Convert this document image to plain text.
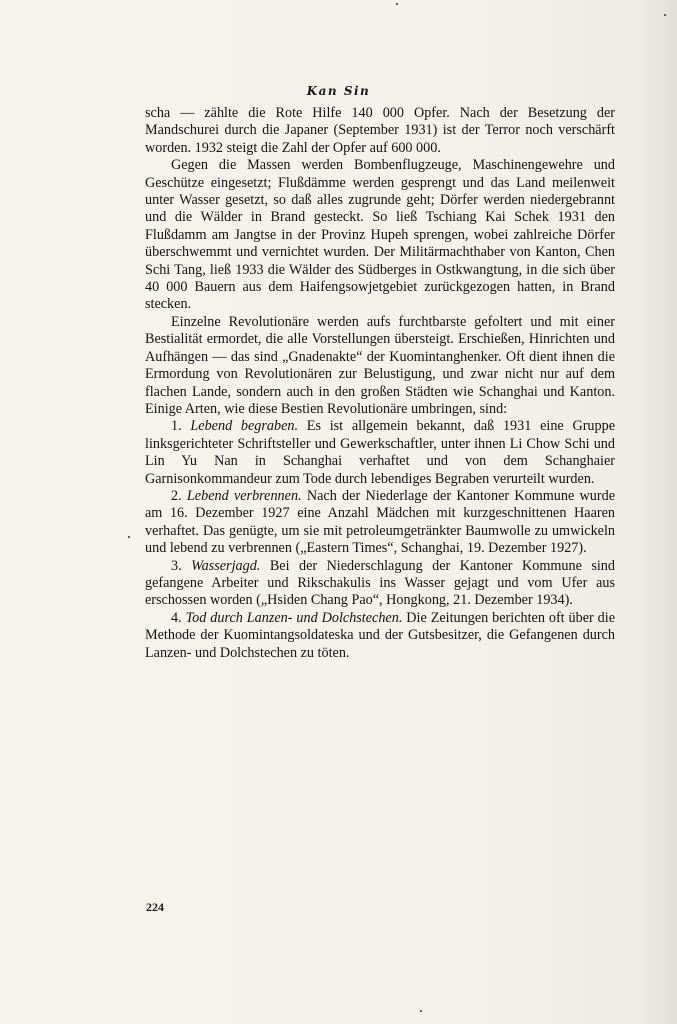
Kan Sin

scha — zählte die Rote Hilfe 140 000 Opfer. Nach der Besetzung der Mandschurei durch die Japaner (September 1931) ist der Terror noch verschärft worden. 1932 steigt die Zahl der Opfer auf 600 000.

Gegen die Massen werden Bombenflugzeuge, Maschinengewehre und Geschütze eingesetzt; Flußdämme werden gesprengt und das Land meilenweit unter Wasser gesetzt, so daß alles zugrunde geht; Dörfer werden niedergebrannt und die Wälder in Brand gesteckt. So ließ Tschiang Kai Schek 1931 den Flußdamm am Jangtse in der Provinz Hupeh sprengen, wobei zahlreiche Dörfer überschwemmt und vernichtet wurden. Der Militärmachthaber von Kanton, Chen Schi Tang, ließ 1933 die Wälder des Südberges in Ostkwangtung, in die sich über 40 000 Bauern aus dem Haifengsowjetgebiet zurückgezogen hatten, in Brand stecken.

Einzelne Revolutionäre werden aufs furchtbarste gefoltert und mit einer Bestialität ermordet, die alle Vorstellungen übersteigt. Erschießen, Hinrichten und Aufhängen — das sind „Gnadenakte“ der Kuomintanghenker. Oft dient ihnen die Ermordung von Revolutionären zur Belustigung, und zwar nicht nur auf dem flachen Lande, sondern auch in den großen Städten wie Schanghai und Kanton. Einige Arten, wie diese Bestien Revolutionäre umbringen, sind:

1. Lebend begraben. Es ist allgemein bekannt, daß 1931 eine Gruppe linksgerichteter Schriftsteller und Gewerkschaftler, unter ihnen Li Chow Schi und Lin Yu Nan in Schanghai verhaftet und von dem Schanghaier Garnisonkommandeur zum Tode durch lebendiges Begraben verurteilt wurden.

2. Lebend verbrennen. Nach der Niederlage der Kantoner Kommune wurde am 16. Dezember 1927 eine Anzahl Mädchen mit kurzgeschnittenen Haaren verhaftet. Das genügte, um sie mit petroleumgetränkter Baumwolle zu umwickeln und lebend zu verbrennen („Eastern Times“, Schanghai, 19. Dezember 1927).

3. Wasserjagd. Bei der Niederschlagung der Kantoner Kommune sind gefangene Arbeiter und Rikschakulis ins Wasser gejagt und vom Ufer aus erschossen worden („Hsiden Chang Pao“, Hongkong, 21. Dezember 1934).

4. Tod durch Lanzen- und Dolchstechen. Die Zeitungen berichten oft über die Methode der Kuomintangsoldateska und der Gutsbesitzer, die Gefangenen durch Lanzen- und Dolchstechen zu töten.

224
